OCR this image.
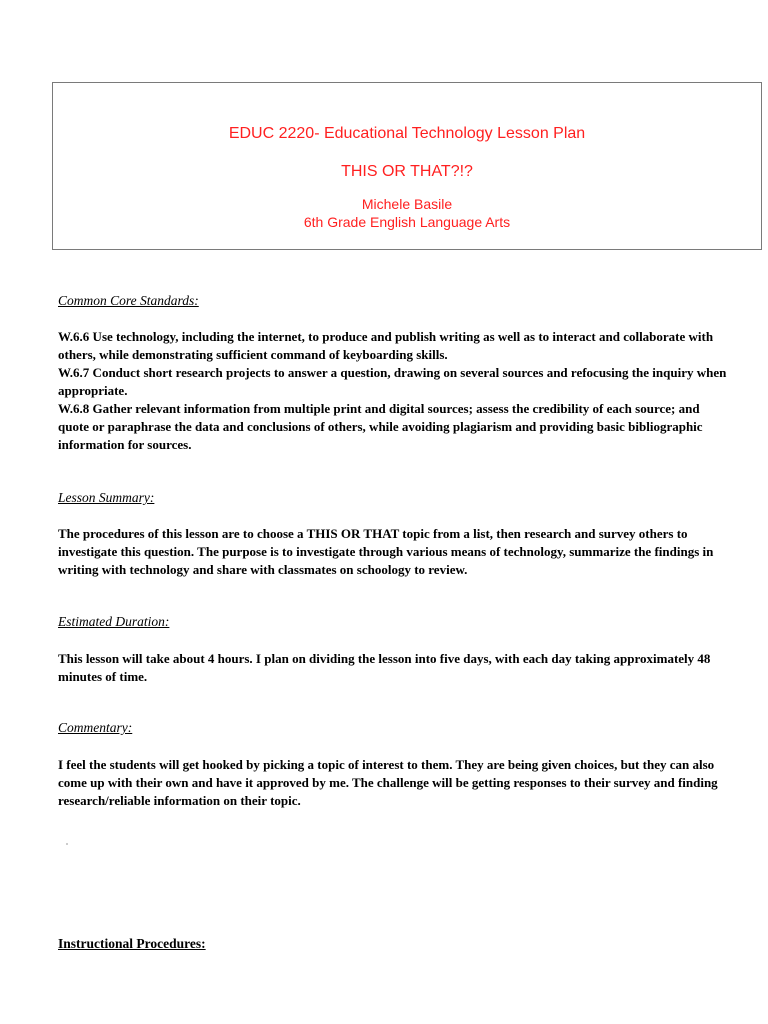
EDUC 2220- Educational Technology Lesson Plan
THIS OR THAT?!?
Michele Basile
6th Grade English Language Arts
Common Core Standards:

W.6.6 Use technology, including the internet, to produce and publish writing as well as to interact and collaborate with others, while demonstrating sufficient command of keyboarding skills.

W.6.7 Conduct short research projects to answer a question, drawing on several sources and refocusing the inquiry when appropriate.

W.6.8 Gather relevant information from multiple print and digital sources; assess the credibility of each source; and quote or paraphrase the data and conclusions of others, while avoiding plagiarism and providing basic bibliographic information for sources.

Lesson Summary:
The procedures of this lesson are to choose a THIS OR THAT topic from a list, then research and survey others to investigate this question. The purpose is to investigate through various means of technology, summarize the findings in writing with technology and share with classmates on schoology to review.
Estimated Duration:
This lesson will take about 4 hours. I plan on dividing the lesson into five days, with each day taking approximately 48 minutes of time.
Commentary:
I feel the students will get hooked by picking a topic of interest to them. They are being given choices, but they can also come up with their own and have it approved by me. The challenge will be getting responses to their survey and finding research/reliable information on their topic.
Instructional Procedures:
